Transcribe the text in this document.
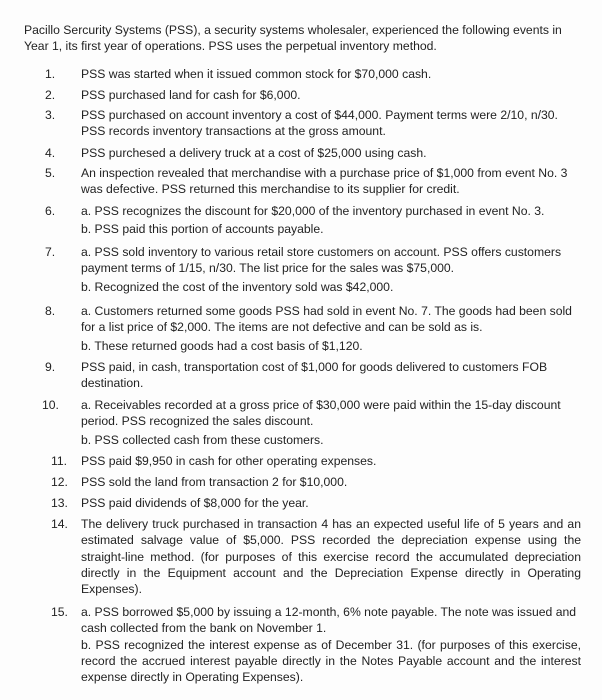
Pacillo Sercurity Systems (PSS), a security systems wholesaler, experienced the following events in Year 1, its first year of operations. PSS uses the perpetual inventory method.
1.	PSS was started when it issued common stock for $70,000 cash.
2.	PSS purchased land for cash for $6,000.
3.	PSS purchased on account inventory a cost of $44,000. Payment terms were 2/10, n/30. PSS records inventory transactions at the gross amount.
4.	PSS purchesed a delivery truck at a cost of $25,000 using cash.
5.	An inspection revealed that merchandise with a purchase price of $1,000 from event No. 3 was defective. PSS returned this merchandise to its supplier for credit.
6.	a. PSS recognizes the discount for $20,000 of the inventory purchased in event No. 3.
b. PSS paid this portion of accounts payable.
7.	a. PSS sold inventory to various retail store customers on account. PSS offers customers payment terms of 1/15, n/30. The list price for the sales was $75,000.
b. Recognized the cost of the inventory sold was $42,000.
8.	a. Customers returned some goods PSS had sold in event No. 7. The goods had been sold for a list price of $2,000. The items are not defective and can be sold as is.
b. These returned goods had a cost basis of $1,120.
9.	PSS paid, in cash, transportation cost of $1,000 for goods delivered to customers FOB destination.
10.	a. Receivables recorded at a gross price of $30,000 were paid within the 15-day discount period. PSS recognized the sales discount.
b. PSS collected cash from these customers.
11.	PSS paid $9,950 in cash for other operating expenses.
12.	PSS sold the land from transaction 2 for $10,000.
13.	PSS paid dividends of $8,000 for the year.
14.	The delivery truck purchased in transaction 4 has an expected useful life of 5 years and an estimated salvage value of $5,000. PSS recorded the depreciation expense using the straight-line method. (for purposes of this exercise record the accumulated depreciation directly in the Equipment account and the Depreciation Expense directly in Operating Expenses).
15.	a. PSS borrowed $5,000 by issuing a 12-month, 6% note payable. The note was issued and cash collected from the bank on November 1.
b. PSS recognized the interest expense as of December 31. (for purposes of this exercise, record the accrued interest payable directly in the Notes Payable account and the interest expense directly in Operating Expenses).
